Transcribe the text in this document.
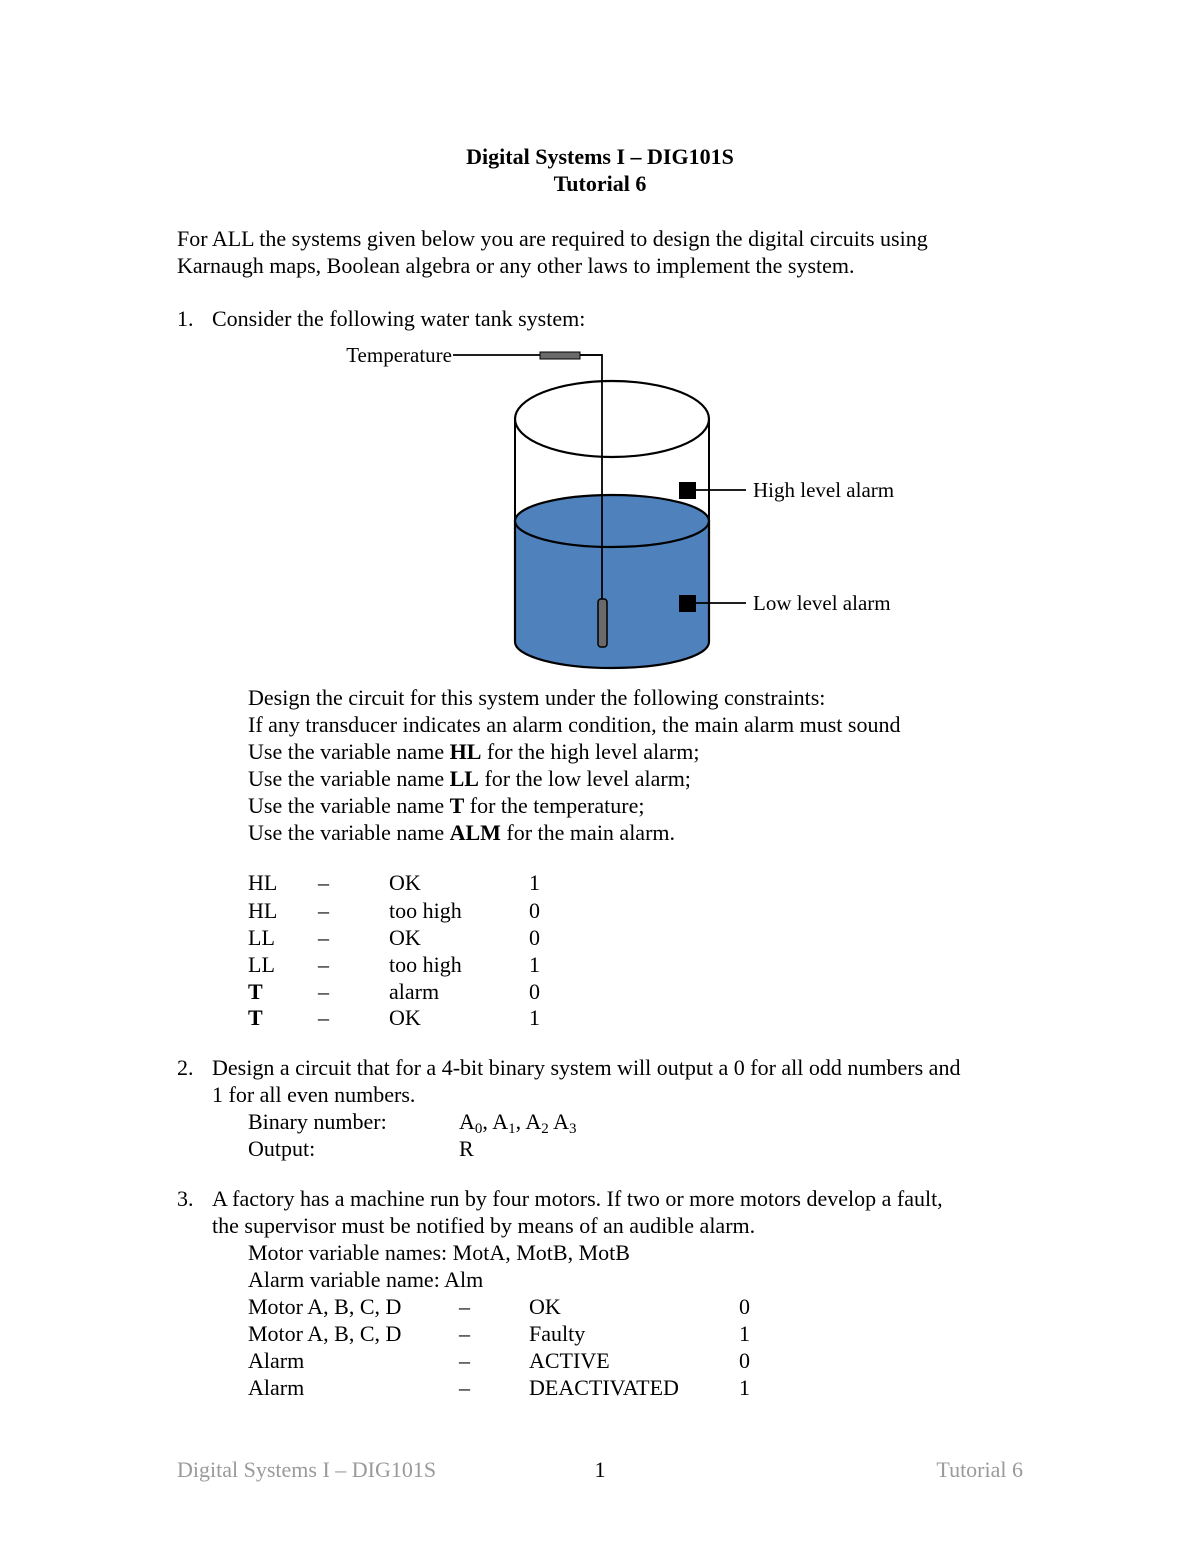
Digital Systems I – DIG101S
Tutorial 6
For ALL the systems given below you are required to design the digital circuits using
Karnaugh maps, Boolean algebra or any other laws to implement the system.
1. Consider the following water tank system:
Temperature
High level alarm
Low level alarm
Design the circuit for this system under the following constraints:
If any transducer indicates an alarm condition, the main alarm must sound
Use the variable name HL for the high level alarm;
Use the variable name LL for the low level alarm;
Use the variable name T for the temperature;
Use the variable name ALM for the main alarm.
HL –	OK	1
HL –	too high	0
LL –	OK	0
LL –	too high	1
T	–	alarm	0
T	–	OK	1
2. Design a circuit that for a 4-bit binary system will output a 0 for all odd numbers and
1 for all even numbers.
Binary number:	$A_0$, $A_1$, $A_2$ $A_3$
Output:	R
3. A factory has a machine run by four motors. If two or more motors develop a fault,
the supervisor must be notified by means of an audible alarm.
Motor variable names: MotA, MotB, MotB
Alarm variable name: Alm
Motor A, B, C, D	–	OK	0
Motor A, B, C, D	–	Faulty	1
Alarm	–	ACTIVE	0
Alarm	–	DEACTIVATED	1
Digital Systems I – DIG101S	1	Tutorial 6
